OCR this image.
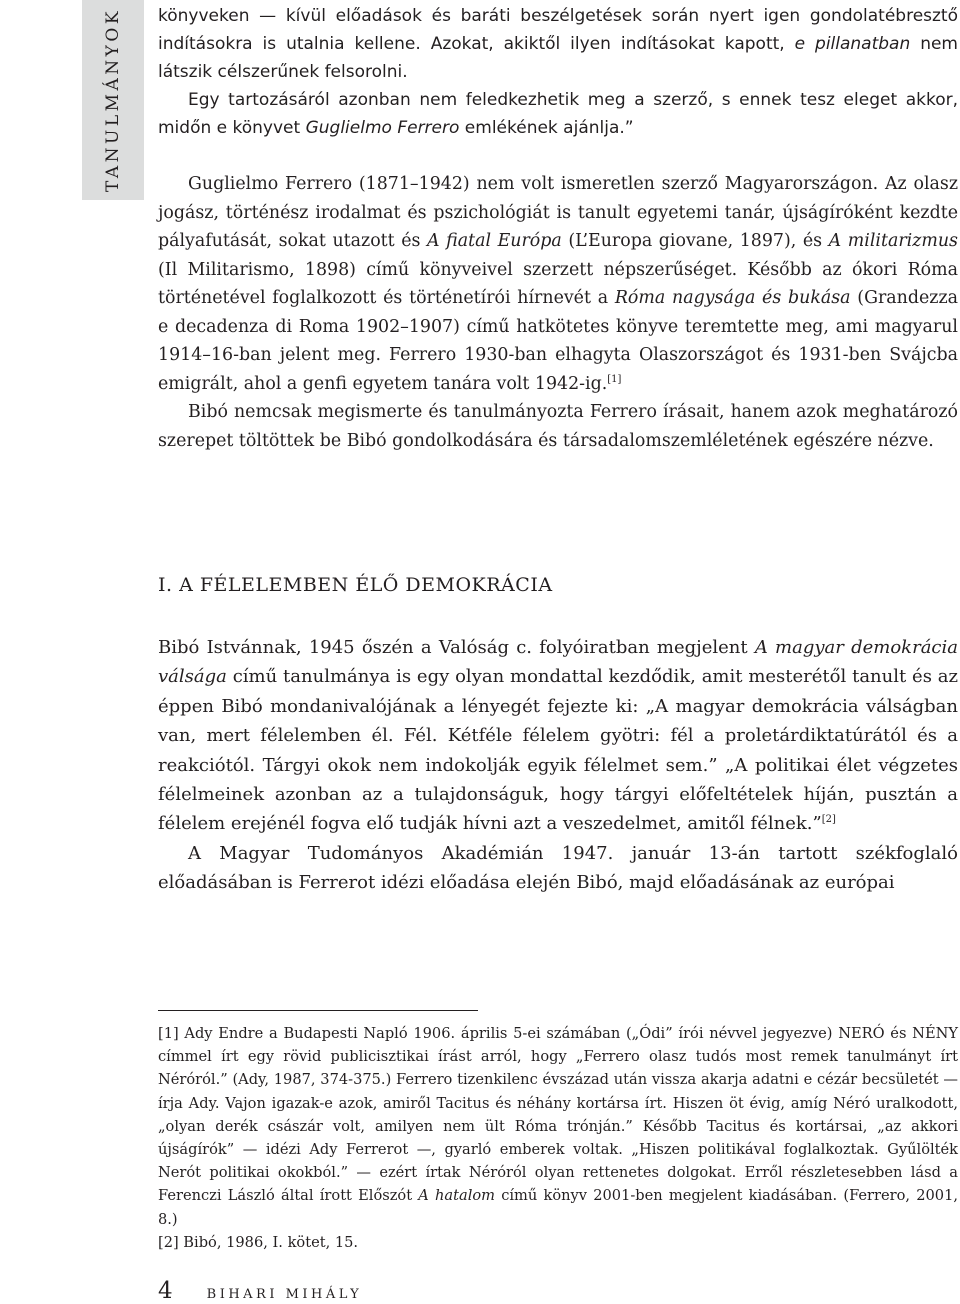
TANULMÁNYOK könyveken — kívül előadások és baráti beszélgetések során nyert igen gondolatébresztő indításokra is utalnia kellene. Azokat, akiktől ilyen indításokat kapott, e pillanatban nem látszik célszerűnek felsorolni.

Egy tartozásáról azonban nem feledkezhetik meg a szerző, s ennek tesz eleget akkor, midőn e könyvet Guglielmo Ferrero emlékének ajánlja.”

Guglielmo Ferrero (1871–1942) nem volt ismeretlen szerző Magyarországon. Az olasz jogász, történész irodalmat és pszichológiát is tanult egyetemi tanár, újságíróként kezdte pályafutását, sokat utazott és A fiatal Európa (L’Europa giovane, 1897), és A militarizmus (Il Militarismo, 1898) című könyveivel szerzett népszerűséget. Később az ókori Róma történetével foglalkozott és történetírói hírnevét a Róma nagysága és bukása (Grandezza e decadenza di Roma 1902–1907) című hatkötetes könyve teremtette meg, ami magyarul 1914–16-ban jelent meg. Ferrero 1930-ban elhagyta Olaszországot és 1931-ben Svájcba emigrált, ahol a genfi egyetem tanára volt 1942-ig.[1]

Bibó nemcsak megismerte és tanulmányozta Ferrero írásait, hanem azok meghatározó szerepet töltöttek be Bibó gondolkodására és társadalomszemléletének egészére nézve.

I. A FÉLELEMBEN ÉLŐ DEMOKRÁCIA

Bibó Istvánnak, 1945 őszén a Valóság c. folyóiratban megjelent A magyar demokrácia válsága című tanulmánya is egy olyan mondattal kezdődik, amit mesterétől tanult és az éppen Bibó mondanivalójának a lényegét fejezte ki: „A magyar demokrácia válságban van, mert félelemben él. Fél. Kétféle félelem gyötri: fél a proletárdiktatúrától és a reakciótól. Tárgyi okok nem indokolják egyik félelmet sem.” „A politikai élet végzetes félelmeinek azonban az a tulajdonságuk, hogy tárgyi előfeltételek híján, pusztán a félelem erejénél fogva elő tudják hívni azt a veszedelmet, amitől félnek.”[2]

A Magyar Tudományos Akadémián 1947. január 13-án tartott székfoglaló előadásában is Ferrerot idézi előadása elején Bibó, majd előadásának az európai

[1] Ady Endre a Budapesti Napló 1906. április 5-ei számában („Ódi” írói névvel jegyezve) NERÓ és NÉNY címmel írt egy rövid publicisztikai írást arról, hogy „Ferrero olasz tudós most remek tanulmányt írt Néróról.” (Ady, 1987, 374-375.) Ferrero tizenkilenc évszázad után vissza akarja adatni e cézár becsületét — írja Ady. Vajon igazak-e azok, amiről Tacitus és néhány kortársa írt. Hiszen öt évig, amíg Néró uralkodott, „olyan derék császár volt, amilyen nem ült Róma trónján.” Később Tacitus és kortársai, „az akkori újságírók” — idézi Ady Ferrerot —, gyarló emberek voltak. „Hiszen politikával foglalkoztak. Gyűlölték Nerót politikai okokból.” — ezért írtak Néróról olyan rettenetes dolgokat. Erről részletesebben lásd a Ferenczi László által írott Előszót A hatalom című könyv 2001-ben megjelent kiadásában. (Ferrero, 2001, 8.)

[2] Bibó, 1986, I. kötet, 15.

4	BIHARI MIHÁLY
